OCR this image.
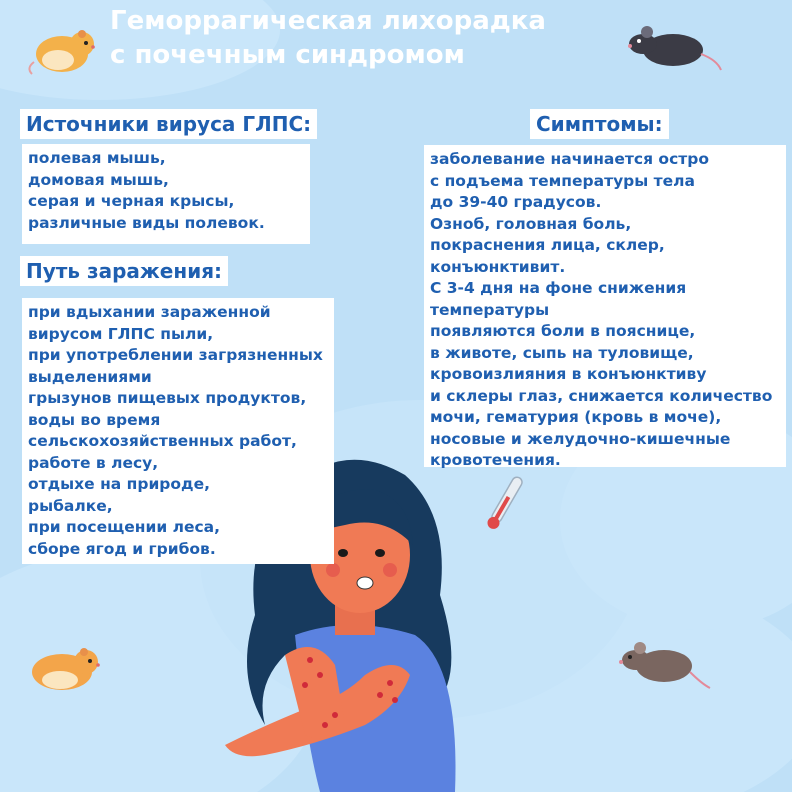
Геморрагическая лихорадка
с почечным синдромом
Источники вируса ГЛПС:
полевая мышь,
домовая мышь,
серая и черная крысы,
различные виды полевок.
Путь заражения:
при вдыхании зараженной
вирусом ГЛПС пыли,
при употреблении загрязненных
выделениями
грызунов пищевых продуктов,
воды во время
сельскохозяйственных работ,
работе в лесу,
отдыхе на природе,
рыбалке,
при посещении леса,
сборе ягод и грибов.
Симптомы:
заболевание начинается остро
с подъема температуры тела
до 39-40 градусов.
Озноб, головная боль,
покраснения лица, склер,
конъюнктивит.
С 3-4 дня на фоне снижения
температуры
появляются боли в пояснице,
в животе, сыпь на туловище,
кровоизлияния в конъюнктиву
и склеры глаз, снижается количество
мочи, гематурия (кровь в моче),
носовые и желудочно-кишечные
кровотечения.
